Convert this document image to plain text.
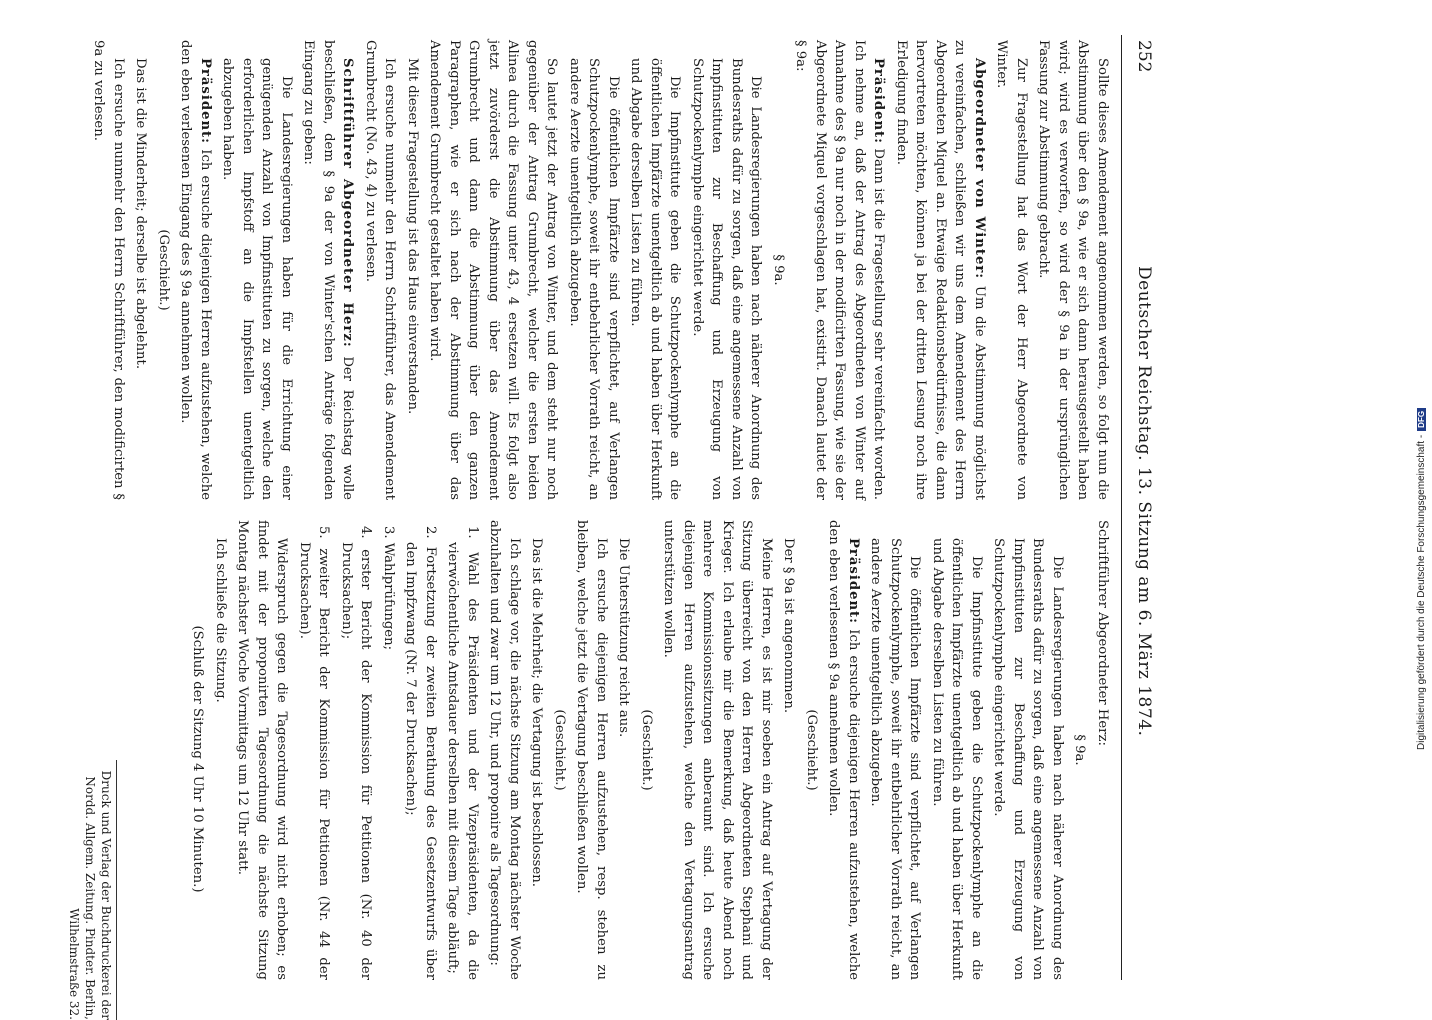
252
Deutscher Reichstag. 13. Sitzung am 6. März 1874.

Sollte dieses Amendement angenommen werden, so folgt nun die Abstimmung über den § 9a, wie er sich dann herausgestellt haben wird; wird es verworfen, so wird der § 9a in der ursprünglichen Fassung zur Abstimmung gebracht.

Zur Fragestellung hat das Wort der Herr Abgeordnete von Winter.

Abgeordneter von Winter: Um die Abstimmung möglichst zu vereinfachen, schließen wir uns dem Amendement des Herrn Abgeordneten Miquel an. Etwaige Redaktionsbedürfnisse, die dann hervortreten möchten, können ja bei der dritten Lesung noch ihre Erledigung finden.

Präsident: Dann ist die Fragestellung sehr vereinfacht worden. Ich nehme an, daß der Antrag des Abgeordneten von Winter auf Annahme des § 9a nur noch in der modificirten Fassung, wie sie der Abgeordnete Miquel vorgeschlagen hat, existirt. Danach lautet der § 9a:

§ 9a.

Die Landesregierungen haben nach näherer Anordnung des Bundesraths dafür zu sorgen, daß eine angemessene Anzahl von Impfinstituten zur Beschaffung und Erzeugung von Schutzpockenlymphe eingerichtet werde.

Die Impfinstitute geben die Schutzpockenlymphe an die öffentlichen Impfärzte unentgeltlich ab und haben über Herkunft und Abgabe derselben Listen zu führen.

Die öffentlichen Impfärzte sind verpflichtet, auf Verlangen Schutzpockenlymphe, soweit ihr entbehrlicher Vorrath reicht, an andere Aerzte unentgeltlich abzugeben.

So lautet jetzt der Antrag von Winter, und dem steht nur noch gegenüber der Antrag Grumbrecht, welcher die ersten beiden Alinea durch die Fassung unter 43, 4 ersetzen will. Es folgt also jetzt zuvörderst die Abstimmung über das Amendement Grumbrecht und dann die Abstimmung über den ganzen Paragraphen, wie er sich nach der Abstimmung über das Amendement Grumbrecht gestaltet haben wird.

Mit dieser Fragestellung ist das Haus einverstanden.

Ich ersuche nunmehr den Herrn Schriftführer, das Amendement Grumbrecht (No. 43, 4) zu verlesen.

Schriftführer Abgeordneter Herz: Der Reichstag wolle beschließen, dem § 9a der von Winter'schen Anträge folgenden Eingang zu geben:

Die Landesregierungen haben für die Errichtung einer genügenden Anzahl von Impfinstituten zu sorgen, welche den erforderlichen Impfstoff an die Impfstellen unentgeltlich abzugeben haben.

Präsident: Ich ersuche diejenigen Herren aufzustehen, welche den eben verlesenen Eingang des § 9a annehmen wollen.

(Geschieht.)

Das ist die Minderheit; derselbe ist abgelehnt.

Ich ersuche nunmehr den Herrn Schriftführer, den modificirten § 9a zu verlesen.

Schriftführer Abgeordneter Herz:

§ 9a.

Die Landesregierungen haben nach näherer Anordnung des Bundesraths dafür zu sorgen, daß eine angemessene Anzahl von Impfinstituten zur Beschaffung und Erzeugung von Schutzpockenlymphe eingerichtet werde.

Die Impfinstitute geben die Schutzpockenlymphe an die öffentlichen Impfärzte unentgeltlich ab und haben über Herkunft und Abgabe derselben Listen zu führen.

Die öffentlichen Impfärzte sind verpflichtet, auf Verlangen Schutzpockenlymphe, soweit ihr entbehrlicher Vorrath reicht, an andere Aerzte unentgeltlich abzugeben.

Präsident: Ich ersuche diejenigen Herren aufzustehen, welche den eben verlesenen § 9a annehmen wollen.

(Geschieht.)

Der § 9a ist angenommen.

Meine Herren, es ist mir soeben ein Antrag auf Vertagung der Sitzung überreicht von den Herren Abgeordneten Stephani und Krieger. Ich erlaube mir die Bemerkung, daß heute Abend noch mehrere Kommissionssitzungen anberaumt sind. Ich ersuche diejenigen Herren aufzustehen, welche den Vertagungsantrag unterstützen wollen.

(Geschieht.)

Die Unterstützung reicht aus.

Ich ersuche diejenigen Herren aufzustehen, resp. stehen zu bleiben, welche jetzt die Vertagung beschließen wollen.

(Geschieht.)

Das ist die Mehrheit; die Vertagung ist beschlossen.

Ich schlage vor, die nächste Sitzung am Montag nächster Woche abzuhalten und zwar um 12 Uhr, und proponire als Tagesordnung:

1. Wahl des Präsidenten und der Vizepräsidenten, da die vierwöchentliche Amtsdauer derselben mit diesem Tage abläuft;

2. Fortsetzung der zweiten Berathung des Gesetzentwurfs über den Impfzwang (Nr. 7 der Drucksachen);

3. Wahlprüfungen;

4. erster Bericht der Kommission für Petitionen (Nr. 40 der Drucksachen);

5. zweiter Bericht der Kommission für Petitionen (Nr. 44 der Drucksachen).

Widerspruch gegen die Tagesordnung wird nicht erhoben; es findet mit der proponirten Tagesordnung die nächste Sitzung Montag nächster Woche Vormittags um 12 Uhr statt.

Ich schließe die Sitzung.

(Schluß der Sitzung 4 Uhr 10 Minuten.)

Druck und Verlag der Buchdruckerei der Nordd. Allgem. Zeitung. Pindter. Berlin, Wilhelmstraße 32.
Digitalisierung gefördert durch die Deutsche Forschungsgemeinschaft -DFG
